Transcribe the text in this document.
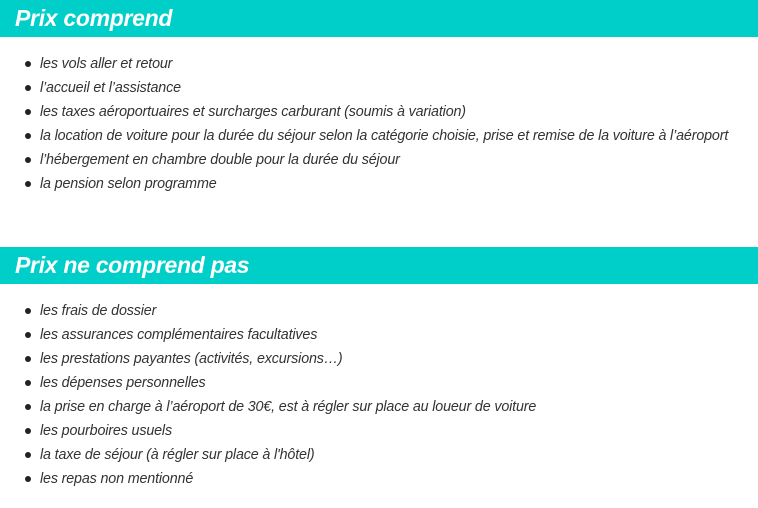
Prix comprend
les vols aller et retour
l’accueil et l’assistance
les taxes aéroportuaires et surcharges carburant (soumis à variation)
la location de voiture pour la durée du séjour selon la catégorie choisie, prise et remise de la voiture à l’aéroport
l’hébergement en chambre double pour la durée du séjour
la pension selon programme
Prix ne comprend pas
les frais de dossier
les assurances complémentaires facultatives
les prestations payantes (activités, excursions…)
les dépenses personnelles
la prise en charge à l’aéroport de 30€, est à régler sur place au loueur de voiture
les pourboires usuels
la taxe de séjour (à régler sur place à l'hôtel)
les repas non mentionné
